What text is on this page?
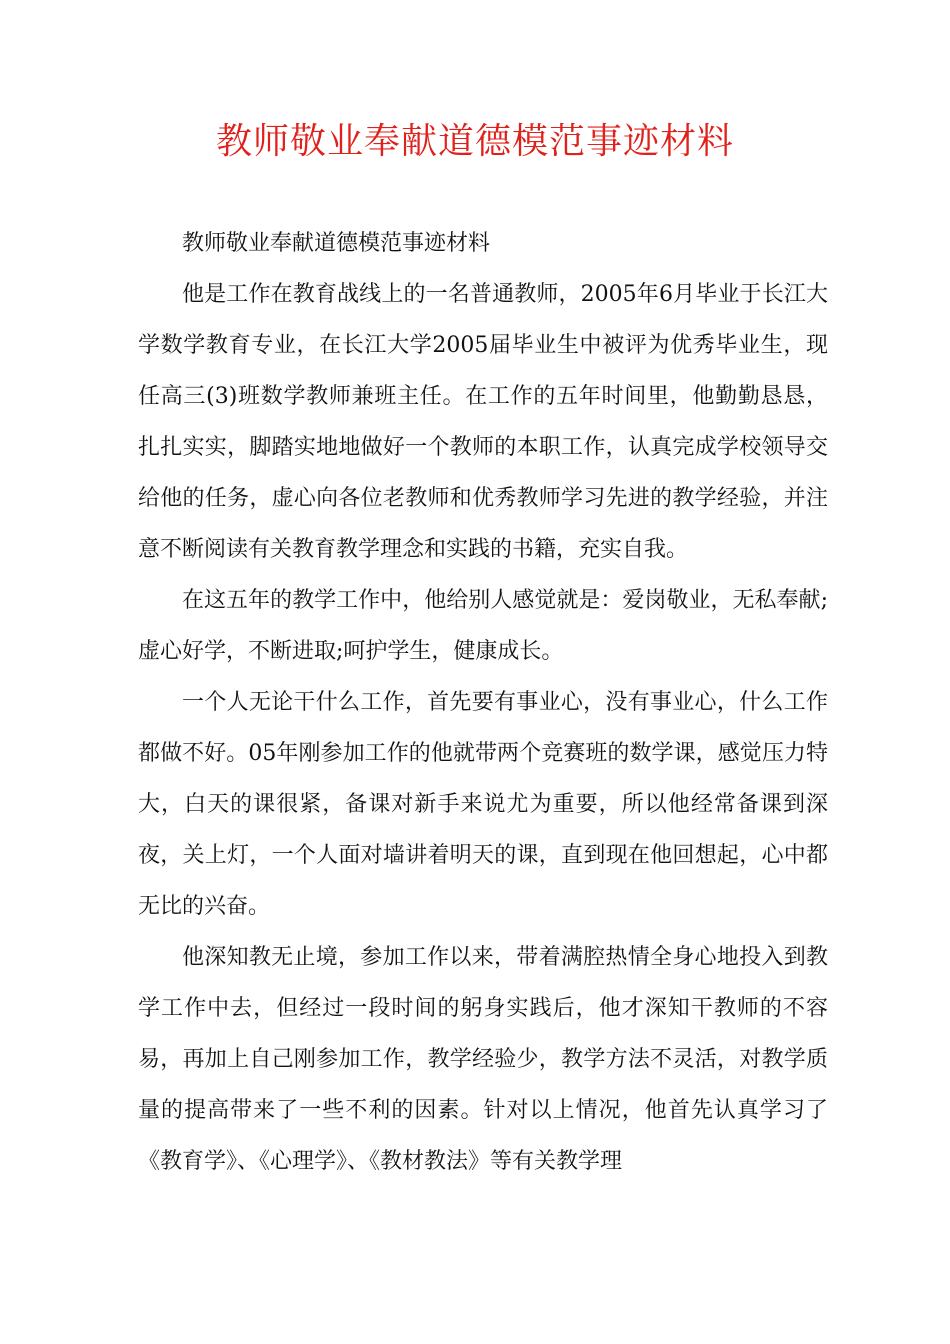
教师敬业奉献道德模范事迹材料

教师敬业奉献道德模范事迹材料

他是工作在教育战线上的一名普通教师，2005年6月毕业于长江大学数学教育专业，在长江大学2005届毕业生中被评为优秀毕业生，现任高三(3)班数学教师兼班主任。在工作的五年时间里，他勤勤恳恳，扎扎实实，脚踏实地地做好一个教师的本职工作，认真完成学校领导交给他的任务，虚心向各位老教师和优秀教师学习先进的教学经验，并注意不断阅读有关教育教学理念和实践的书籍，充实自我。

在这五年的教学工作中，他给别人感觉就是：爱岗敬业，无私奉献;虚心好学，不断进取;呵护学生，健康成长。

一个人无论干什么工作，首先要有事业心，没有事业心，什么工作都做不好。05年刚参加工作的他就带两个竞赛班的数学课，感觉压力特大，白天的课很紧，备课对新手来说尤为重要，所以他经常备课到深夜，关上灯，一个人面对墙讲着明天的课，直到现在他回想起，心中都无比的兴奋。

他深知教无止境，参加工作以来，带着满腔热情全身心地投入到教学工作中去，但经过一段时间的躬身实践后，他才深知干教师的不容易，再加上自己刚参加工作，教学经验少，教学方法不灵活，对教学质量的提高带来了一些不利的因素。针对以上情况，他首先认真学习了《教育学》、《心理学》、《教材教法》等有关教学理
